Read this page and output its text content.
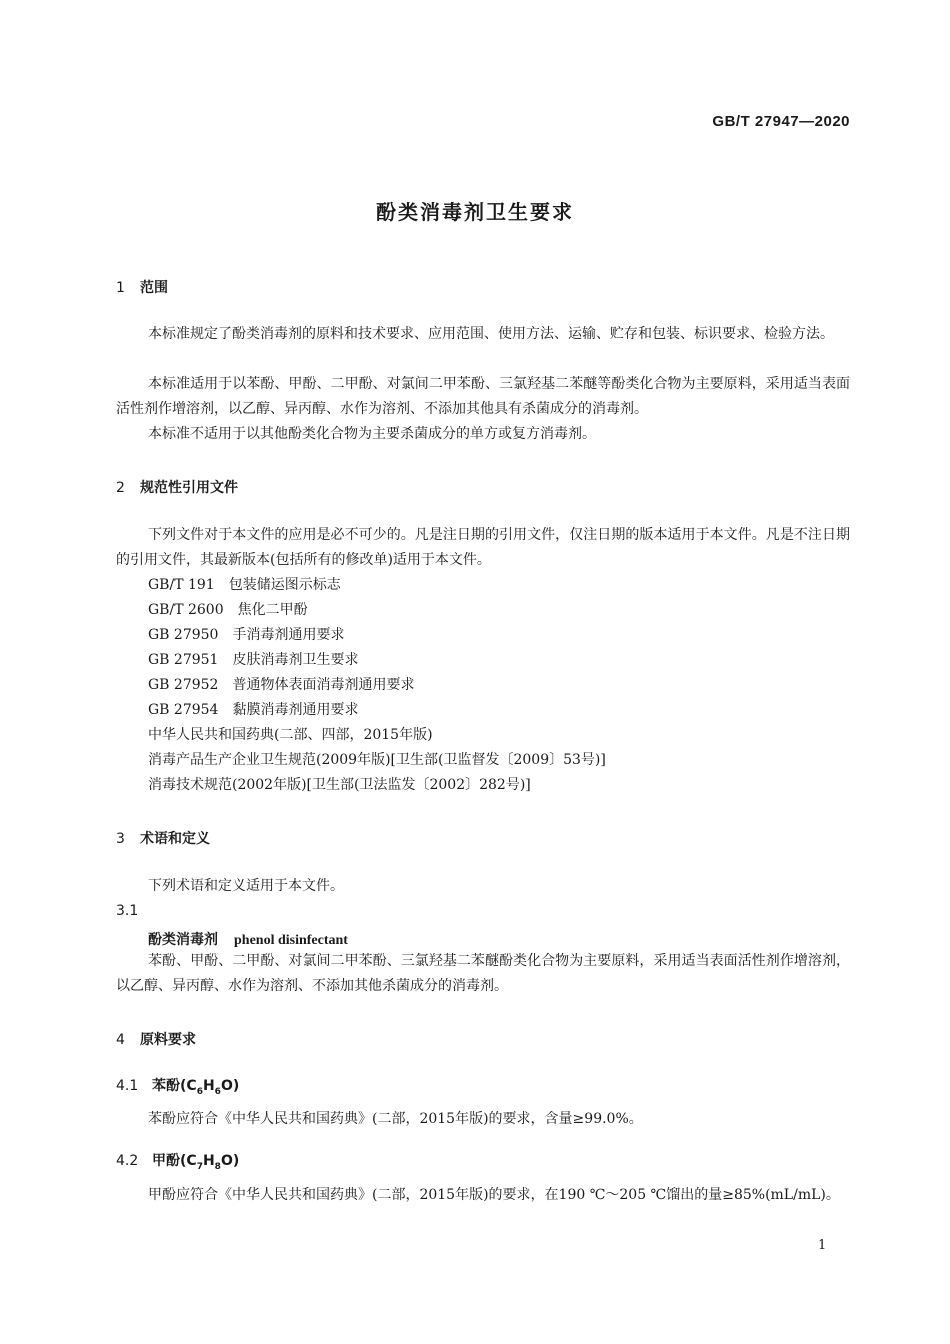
GB/T 27947—2020
酚类消毒剂卫生要求
1 范围

本标准规定了酚类消毒剂的原料和技术要求、应用范围、使用方法、运输、贮存和包装、标识要求、检验方法。

本标准适用于以苯酚、甲酚、二甲酚、对氯间二甲苯酚、三氯羟基二苯醚等酚类化合物为主要原料，采用适当表面活性剂作增溶剂，以乙醇、异丙醇、水作为溶剂、不添加其他具有杀菌成分的消毒剂。

本标准不适用于以其他酚类化合物为主要杀菌成分的单方或复方消毒剂。

2 规范性引用文件

下列文件对于本文件的应用是必不可少的。凡是注日期的引用文件，仅注日期的版本适用于本文件。凡是不注日期的引用文件，其最新版本(包括所有的修改单)适用于本文件。

GB/T 191 包装储运图示标志
GB/T 2600 焦化二甲酚
GB 27950 手消毒剂通用要求
GB 27951 皮肤消毒剂卫生要求
GB 27952 普通物体表面消毒剂通用要求
GB 27954 黏膜消毒剂通用要求
中华人民共和国药典(二部、四部，2015年版)
消毒产品生产企业卫生规范(2009年版)[卫生部(卫监督发〔2009〕53号)]
消毒技术规范(2002年版)[卫生部(卫法监发〔2002〕282号)]
3 术语和定义
下列术语和定义适用于本文件。
3.1
酚类消毒剂 phenol disinfectant

苯酚、甲酚、二甲酚、对氯间二甲苯酚、三氯羟基二苯醚酚类化合物为主要原料，采用适当表面活性剂作增溶剂，以乙醇、异丙醇、水作为溶剂、不添加其他杀菌成分的消毒剂。

4 原料要求
4.1 苯酚$(C_6H_6O)$

苯酚应符合《中华人民共和国药典》(二部，2015年版)的要求，含量≥99.0%。

4.2 甲酚$(C_7H_8O)$

甲酚应符合《中华人民共和国药典》(二部，2015年版)的要求，在190 ℃～205 ℃馏出的量≥85%(mL/mL)。

1
